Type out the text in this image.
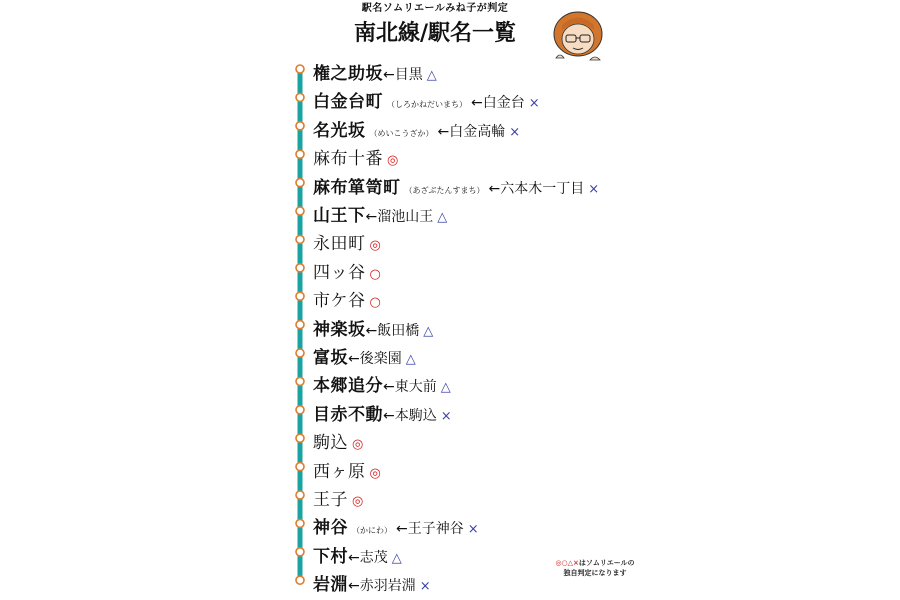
駅名ソムリエールみね子が判定
南北線/駅名一覧
権之助坂 ←目黒 △
白金台町 （しろかねだいまち） ←白金台 ×
名光坂 （めいこうざか） ←白金高輪 ×
麻布十番 ◎
麻布箪笥町 （あざぶたんすまち） ←六本木一丁目 ×
山王下 ←溜池山王 △
永田町 ◎
四ッ谷 ○
市ケ谷 ○
神楽坂 ←飯田橋 △
富坂 ←後楽園 △
本郷追分 ←東大前 △
目赤不動 ←本駒込 ×
駒込 ◎
西ヶ原 ◎
王子 ◎
神谷 （かにわ） ←王子神谷 ×
下村 ←志茂 △
岩淵 ←赤羽岩淵 ×
◎○△×はソムリエールの
独自判定になります
